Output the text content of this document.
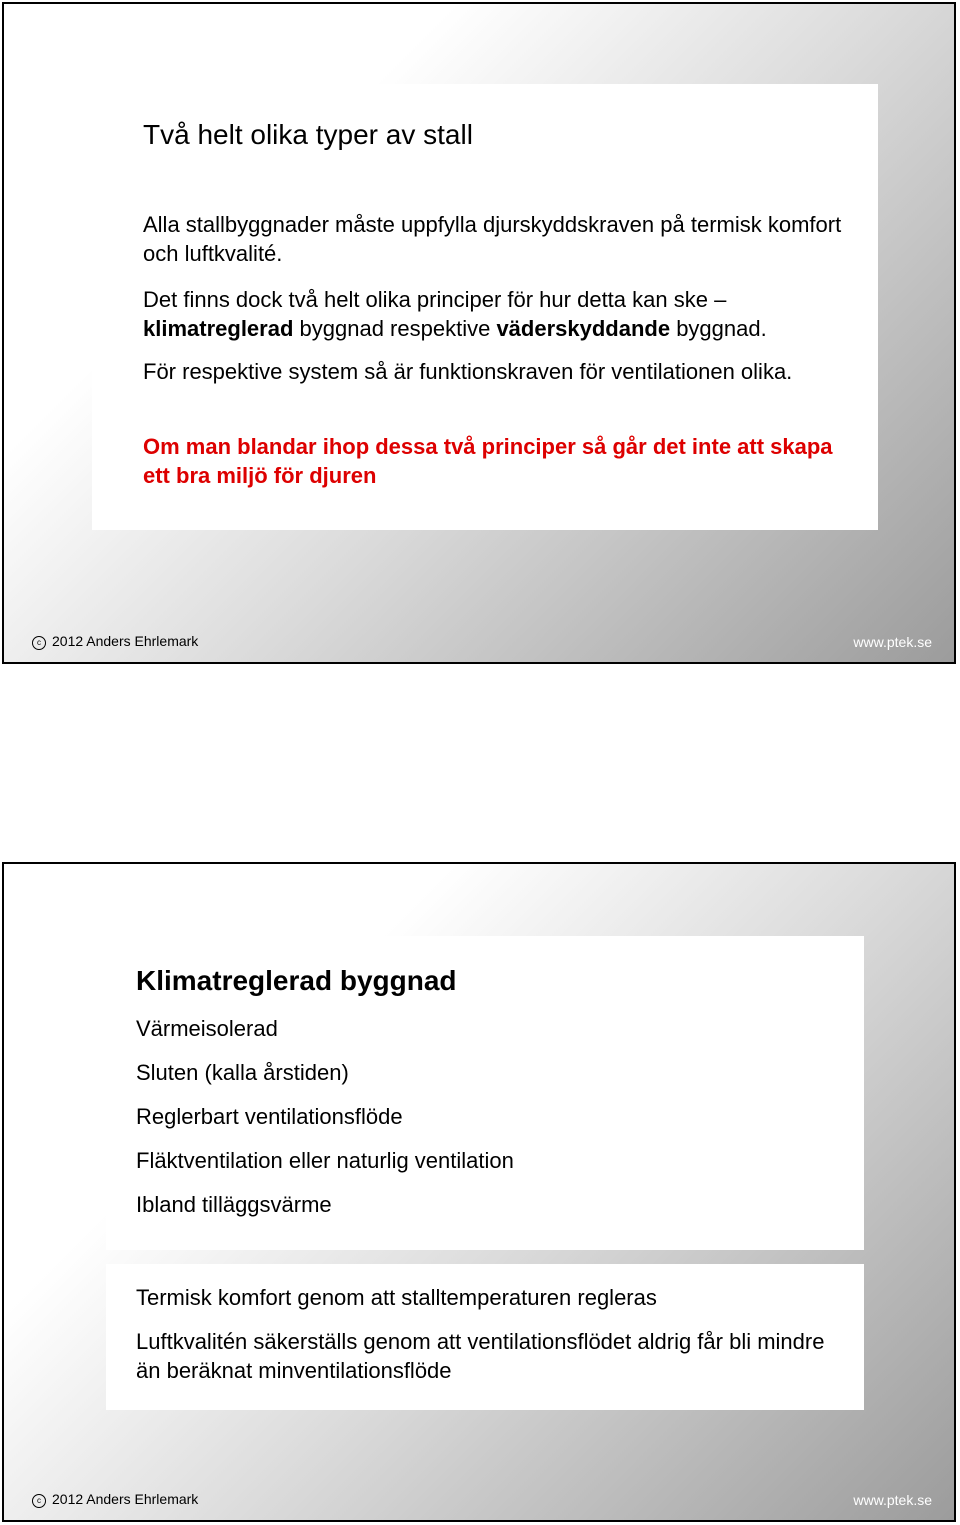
Två helt olika typer av stall

Alla stallbyggnader måste uppfylla djurskyddskraven på termisk komfort och luftkvalité.

Det finns dock två helt olika principer för hur detta kan ske – klimatreglerad byggnad respektive väderskyddande byggnad.

För respektive system så är funktionskraven för ventilationen olika.

Om man blandar ihop dessa två principer så går det inte att skapa ett bra miljö för djuren

c 2012 Anders Ehrlemark	www.ptek.se
Klimatreglerad byggnad

Värmeisolerad

Sluten (kalla årstiden)

Reglerbart ventilationsflöde

Fläktventilation eller naturlig ventilation

Ibland tilläggsvärme

Termisk komfort genom att stalltemperaturen regleras

Luftkvalitén säkerställs genom att ventilationsflödet aldrig får bli mindre än beräknat minventilationsflöde

c 2012 Anders Ehrlemark	www.ptek.se
